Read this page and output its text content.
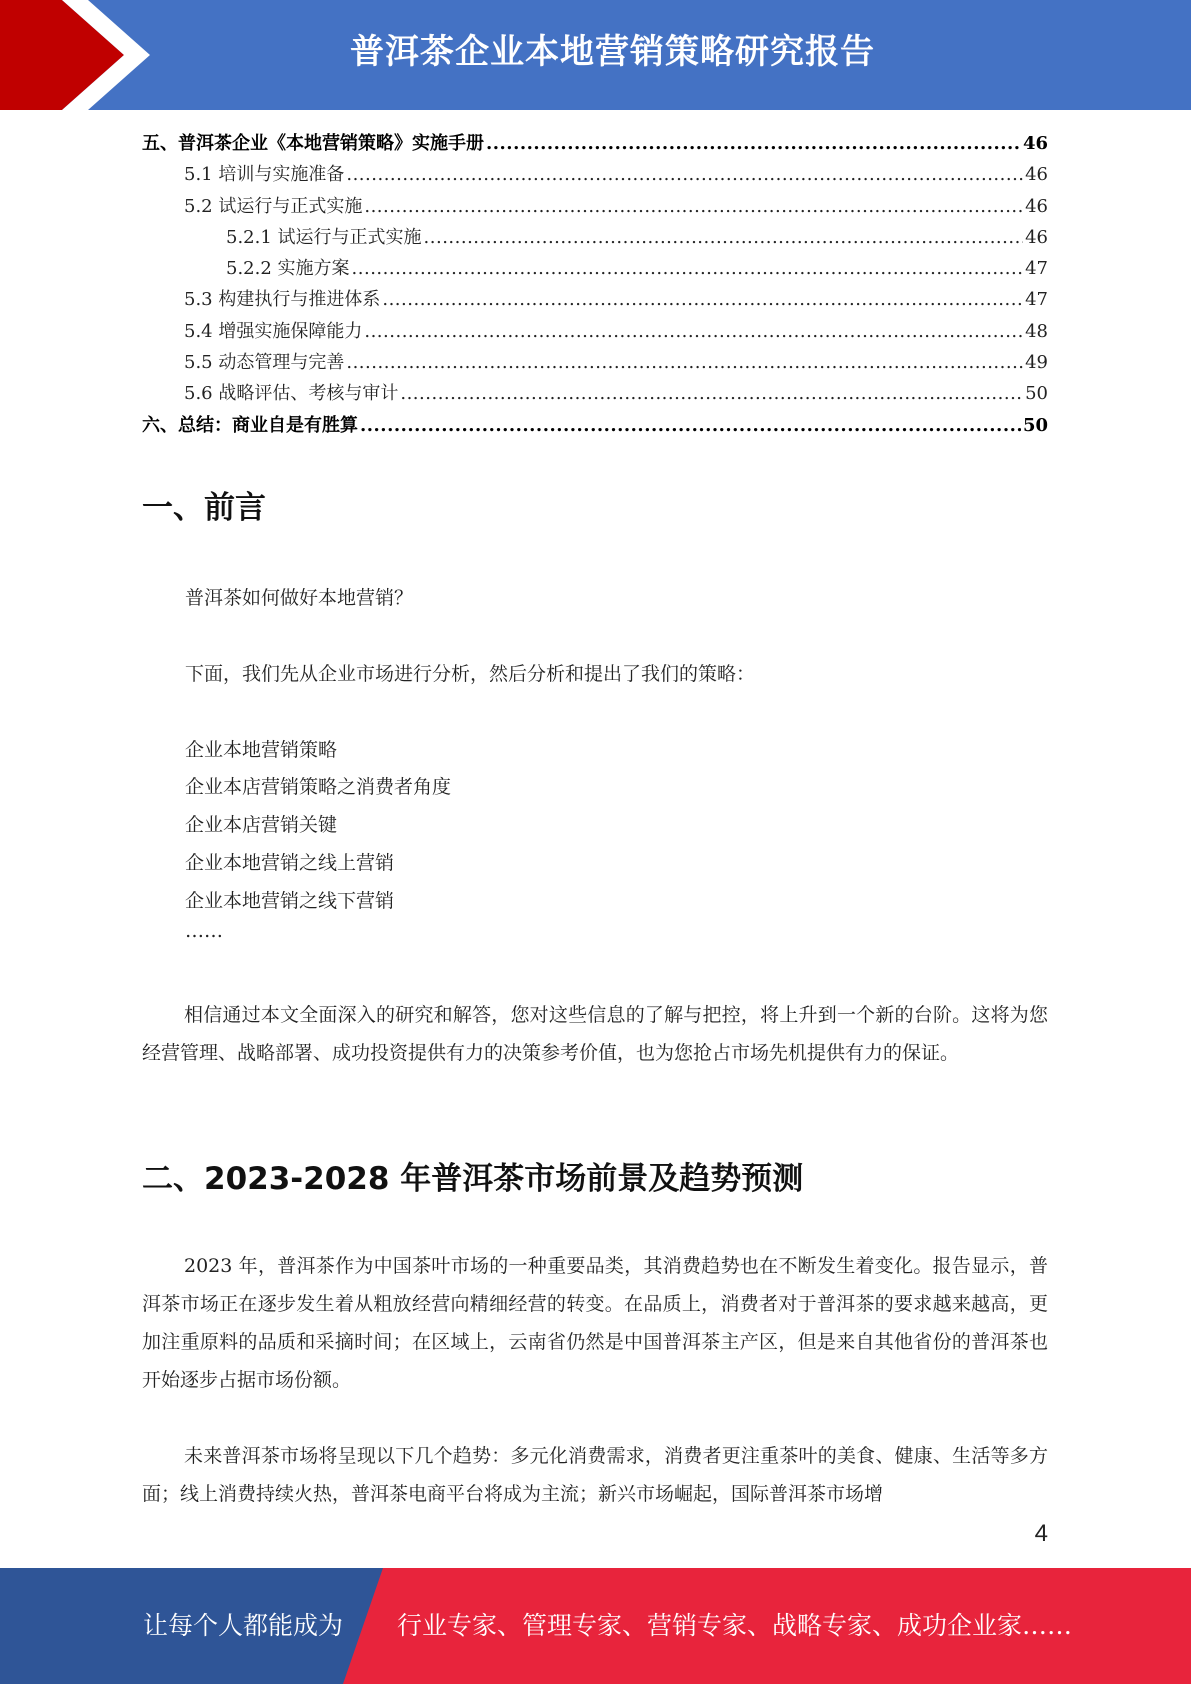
普洱茶企业本地营销策略研究报告
五、普洱茶企业《本地营销策略》实施手册 .....	46
5.1 培训与实施准备 .....	46
5.2 试运行与正式实施 .....	46
5.2.1 试运行与正式实施 .....	46
5.2.2 实施方案 .....	47
5.3 构建执行与推进体系 .....	47
5.4 增强实施保障能力 .....	48
5.5 动态管理与完善 .....	49
5.6 战略评估、考核与审计 .....	50
六、总结：商业自是有胜算 .....	50
一、前言
普洱茶如何做好本地营销？
下面，我们先从企业市场进行分析，然后分析和提出了我们的策略：
企业本地营销策略
企业本店营销策略之消费者角度
企业本店营销关键
企业本地营销之线上营销
企业本地营销之线下营销
……
相信通过本文全面深入的研究和解答，您对这些信息的了解与把控，将上升到一个新的台阶。这将为您经营管理、战略部署、成功投资提供有力的决策参考价值，也为您抢占市场先机提供有力的保证。
二、2023-2028 年普洱茶市场前景及趋势预测
2023 年，普洱茶作为中国茶叶市场的一种重要品类，其消费趋势也在不断发生着变化。报告显示，普洱茶市场正在逐步发生着从粗放经营向精细经营的转变。在品质上，消费者对于普洱茶的要求越来越高，更加注重原料的品质和采摘时间；在区域上，云南省仍然是中国普洱茶主产区，但是来自其他省份的普洱茶也开始逐步占据市场份额。
未来普洱茶市场将呈现以下几个趋势：多元化消费需求，消费者更注重茶叶的美食、健康、生活等多方面；线上消费持续火热，普洱茶电商平台将成为主流；新兴市场崛起，国际普洱茶市场增
4
让每个人都能成为 行业专家、管理专家、营销专家、战略专家、成功企业家……
